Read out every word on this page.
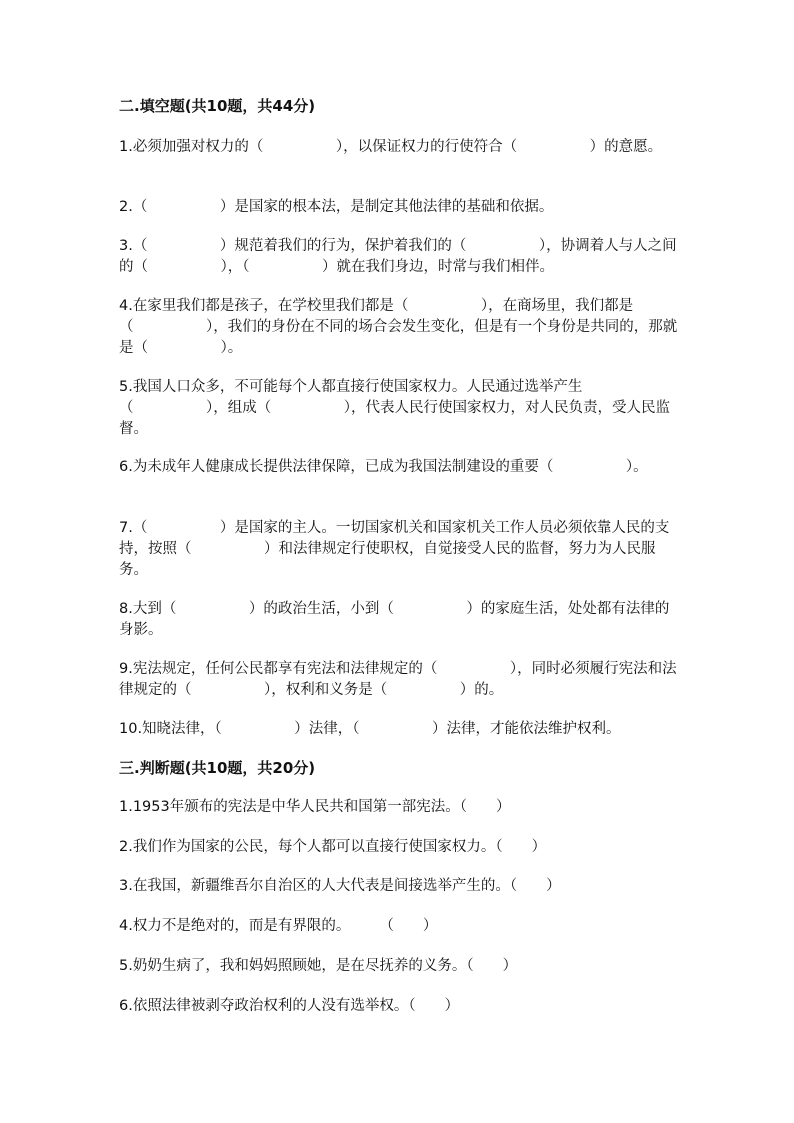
二.填空题(共10题，共44分)

1.必须加强对权力的（　　　　　），以保证权力的行使符合（　　　　　）的意愿。

2.（　　　　　）是国家的根本法，是制定其他法律的基础和依据。

3.（　　　　　）规范着我们的行为，保护着我们的（　　　　　），协调着人与人之间的（　　　　　），（　　　　　）就在我们身边，时常与我们相伴。

4.在家里我们都是孩子，在学校里我们都是（　　　　　），在商场里，我们都是（　　　　　），我们的身份在不同的场合会发生变化，但是有一个身份是共同的，那就是（　　　　　）。

5.我国人口众多，不可能每个人都直接行使国家权力。人民通过选举产生（　　　　　），组成（　　　　　），代表人民行使国家权力，对人民负责，受人民监督。

6.为未成年人健康成长提供法律保障，已成为我国法制建设的重要（　　　　　）。

7.（　　　　　）是国家的主人。一切国家机关和国家机关工作人员必须依靠人民的支持，按照（　　　　　）和法律规定行使职权，自觉接受人民的监督，努力为人民服务。

8.大到（　　　　　）的政治生活，小到（　　　　　）的家庭生活，处处都有法律的身影。

9.宪法规定，任何公民都享有宪法和法律规定的（　　　　　），同时必须履行宪法和法律规定的（　　　　　），权利和义务是（　　　　　）的。

10.知晓法律，（　　　　　）法律，（　　　　　）法律，才能依法维护权利。

三.判断题(共10题，共20分)

1.1953年颁布的宪法是中华人民共和国第一部宪法。（　　）

2.我们作为国家的公民，每个人都可以直接行使国家权力。（　　）

3.在我国，新疆维吾尔自治区的人大代表是间接选举产生的。（　　）

4.权力不是绝对的，而是有界限的。　　　（　　）

5.奶奶生病了，我和妈妈照顾她，是在尽抚养的义务。（　　）

6.依照法律被剥夺政治权利的人没有选举权。（　　）
